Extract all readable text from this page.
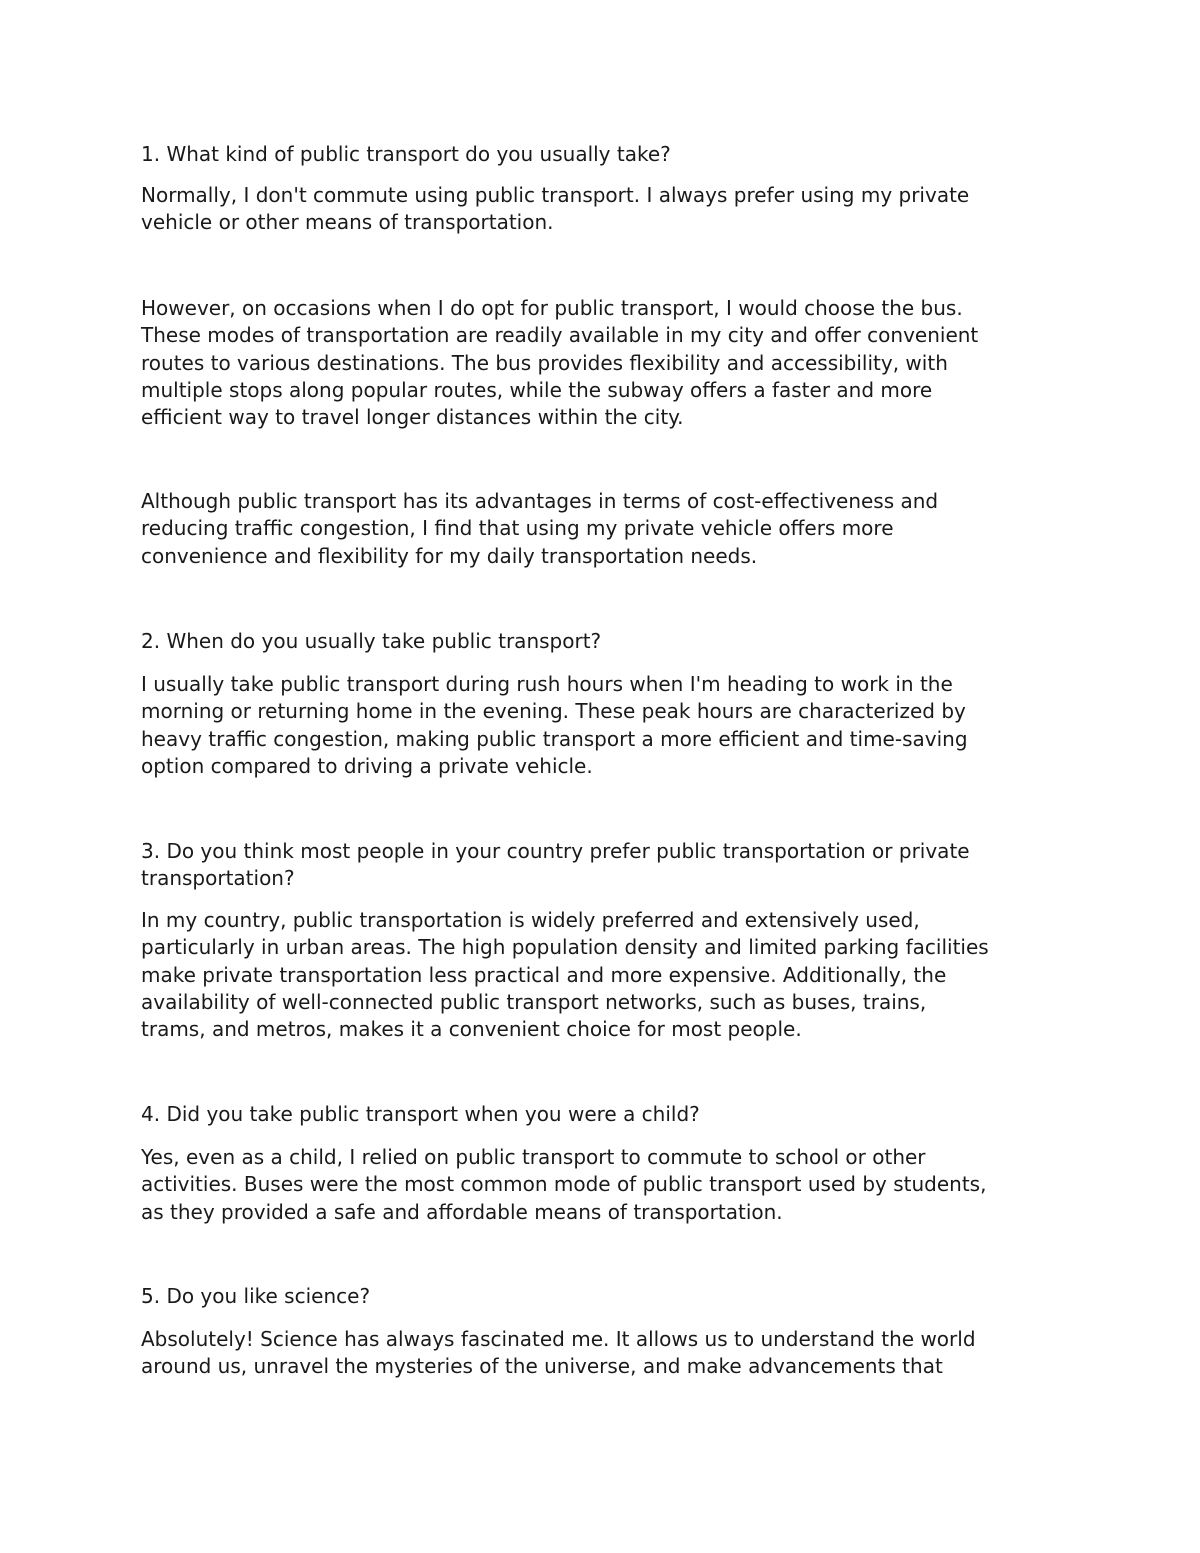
1. What kind of public transport do you usually take?

Normally, I don't commute using public transport. I always prefer using my private
vehicle or other means of transportation.

However, on occasions when I do opt for public transport, I would choose the bus.
These modes of transportation are readily available in my city and offer convenient
routes to various destinations. The bus provides flexibility and accessibility, with
multiple stops along popular routes, while the subway offers a faster and more
efficient way to travel longer distances within the city.

Although public transport has its advantages in terms of cost-effectiveness and
reducing traffic congestion, I find that using my private vehicle offers more
convenience and flexibility for my daily transportation needs.

2. When do you usually take public transport?

I usually take public transport during rush hours when I'm heading to work in the
morning or returning home in the evening. These peak hours are characterized by
heavy traffic congestion, making public transport a more efficient and time-saving
option compared to driving a private vehicle.

3. Do you think most people in your country prefer public transportation or private
transportation?

In my country, public transportation is widely preferred and extensively used,
particularly in urban areas. The high population density and limited parking facilities
make private transportation less practical and more expensive. Additionally, the
availability of well-connected public transport networks, such as buses, trains,
trams, and metros, makes it a convenient choice for most people.

4. Did you take public transport when you were a child?

Yes, even as a child, I relied on public transport to commute to school or other
activities. Buses were the most common mode of public transport used by students,
as they provided a safe and affordable means of transportation.

5. Do you like science?

Absolutely! Science has always fascinated me. It allows us to understand the world
around us, unravel the mysteries of the universe, and make advancements that
